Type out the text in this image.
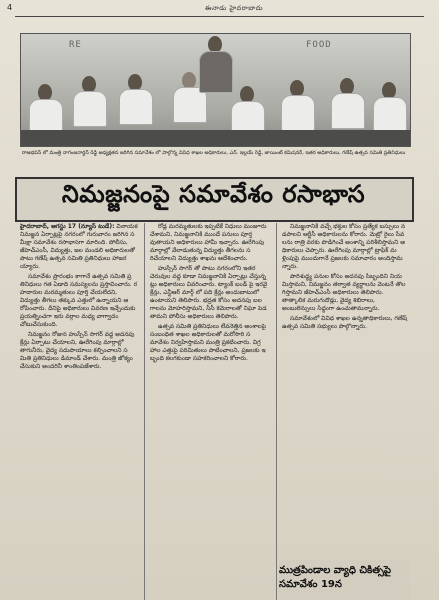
4	ఈనాడు హైదరాబాదు
RE	FOOD
రాజభవన్ లో మంత్రి నాగంజనార్దన్ రెడ్డి అధ్యక్షతన జరిగిన సమావేశం లో పాల్గొన్న వివిధ శాఖల అధికారులు, ఎన్. ఇల్లయ్ రెడ్డి, జాయింట్ కమిషనర్, ఇతర అధికారులు, గణేష్ ఉత్సవ సమితి ప్రతినిధులు
నిమజ్జనంపై సమావేశం రసాభాస
హైదరాబాద్, ఆగస్టు 17 (న్యూస్ టుడే): వినాయక నిమజ్జన ఏర్పాట్లపై నగరంలో గురువారం జరిగిన సమీక్షా సమావేశం రసాభాసగా మారింది. పోలీసు, జీహెచ్ఎంసీ, విద్యుత్తు, జల మండలి అధికారులతో పాటు గణేష్ ఉత్సవ సమితి ప్రతినిధులు హాజరయ్యారు.

సమావేశం ప్రారంభం కాగానే ఉత్సవ సమితి ప్రతినిధులు గత ఏడాది సమస్యలను ప్రస్తావించారు. రహదారుల మరమ్మతులు పూర్తి చేయలేదని, విద్యుత్తు తీగలు తక్కువ ఎత్తులో ఉన్నాయని ఆరోపించారు. దీనిపై అధికారులు వివరణ ఇచ్చేందుకు ప్రయత్నించగా ఇరు వర్గాల మధ్య వాగ్వాదం చోటుచేసుకుంది.

నిమజ్జనం రోజున హుస్సేన్ సాగర్ వద్ద అదనపు క్రేన్లు ఏర్పాటు చేయాలని, ఊరేగింపు మార్గాల్లో తాగునీరు, వైద్య సదుపాయాలు కల్పించాలని సమితి ప్రతినిధులు డిమాండ్ చేశారు. మంత్రి జోక్యం చేసుకుని అందరినీ శాంతింపజేశారు.

రోడ్ల మరమ్మతులకు ఇప్పటికే నిధులు మంజూరు చేశామని, నిమజ్జనానికి ముందే పనులు పూర్తవుతాయని అధికారులు హామీ ఇచ్చారు. ఊరేగింపు మార్గాల్లో వేలాడుతున్న విద్యుత్తు తీగలను సరిచేయాలని విద్యుత్తు శాఖను ఆదేశించారు.

హుస్సేన్ సాగర్ తో పాటు నగరంలోని ఇతర చెరువుల వద్ద కూడా నిమజ్జనానికి ఏర్పాట్లు చేస్తున్నట్లు అధికారులు వివరించారు. ట్యాంక్ బండ్ పై ఇరవై క్రేన్లు, ఎన్టీఆర్ మార్గ్ లో పది క్రేన్లు అందుబాటులో ఉంటాయని తెలిపారు. భద్రత కోసం అదనపు బలగాలను మోహరిస్తామని, సీసీ కెమెరాలతో నిఘా పెడతామని పోలీసు అధికారులు తెలిపారు.

ఉత్సవ సమితి ప్రతినిధులు లేవనెత్తిన అంశాలపై సంబంధిత శాఖల అధికారులతో మరోసారి సమావేశం నిర్వహిస్తామని మంత్రి ప్రకటించారు. విగ్రహాల ఎత్తుపై పరిమితులు పాటించాలని, ప్రజలకు ఇబ్బంది కలగకుండా సహకరించాలని కోరారు.

నిమజ్జనానికి వచ్చే భక్తుల కోసం ప్రత్యేక బస్సులు నడపాలని ఆర్టీసీ అధికారులను కోరారు. మెట్రో రైలు సేవలను రాత్రి వరకు పొడిగించే అంశాన్ని పరిశీలిస్తామని అధికారులు చెప్పారు. ఊరేగింపు మార్గాల్లో ట్రాఫిక్ మళ్లింపుపై ముందుగానే ప్రజలకు సమాచారం అందిస్తామన్నారు.

పారిశుద్ధ్య పనుల కోసం అదనపు సిబ్బందిని నియమిస్తామని, నిమజ్జనం తర్వాత వ్యర్థాలను వెంటనే తొలగిస్తామని జీహెచ్ఎంసీ అధికారులు తెలిపారు. తాత్కాలిక మరుగుదొడ్లు, వైద్య శిబిరాలు, అంబులెన్సులు సిద్ధంగా ఉంచుతామన్నారు.

సమావేశంలో వివిధ శాఖల ఉన్నతాధికారులు, గణేష్ ఉత్సవ సమితి సభ్యులు పాల్గొన్నారు.

ముత్రపిండాల వ్యాధి చికిత్సపై సమావేశం 19న
